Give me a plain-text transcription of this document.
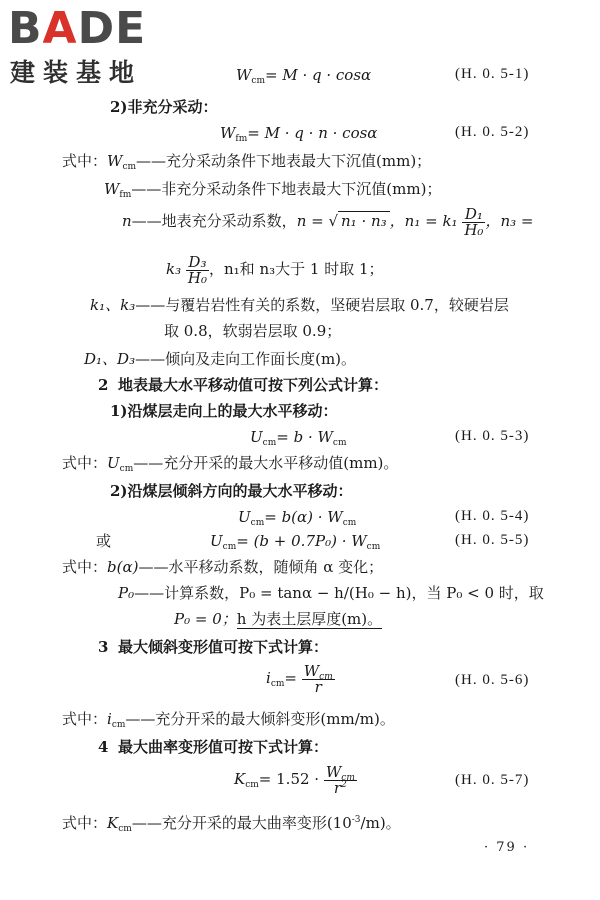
BADE
建装基地	$W_{cm}= M \cdot q \cdot \cos\alpha$	(H. 0. 5-1)
2)非充分采动：
$W_{fm}= M \cdot q \cdot n \cdot \cos\alpha$	(H. 0. 5-2)
式中：$W_{cm}——$充分采动条件下地表最大下沉值(mm)；
$W_{fm}——$非充分采动条件下地表最大下沉值(mm)；
n——地表充分采动系数，n = √ n₁ · n₃ ，$n_1 = k_1 \frac{\text{D₁}}{\text{H₀}}$ ，n₃ =
$k_3 \frac{\text{D₃}}{\text{H₀}}$ ，n₁和 n₃大于 1 时取 1；
k₁、k₃——与覆岩岩性有关的系数，坚硬岩层取 0.7，较硬岩层
取 0.8，软弱岩层取 0.9；
D₁、D₃——倾向及走向工作面长度(m)。
2 地表最大水平移动值可按下列公式计算：
1)沿煤层走向上的最大水平移动：
$U_{cm}= b \cdot W_{cm}$	(H. 0. 5-3)
式中：$U_{cm}——$充分开采的最大水平移动值(mm)。
2)沿煤层倾斜方向的最大水平移动：
$U_{cm}= b(\alpha) \cdot W_{cm}$	(H. 0. 5-4)
或	$U_{cm}= (b + 0.7P_0) \cdot W_{cm}$	(H. 0. 5-5)
式中：b(α)——水平移动系数，随倾角 α 变化；
P₀——计算系数，P₀ = tanα − h/(H₀ − h)，当 P₀ < 0 时，取
P₀ = 0；h 为表土层厚度(m)。
3 最大倾斜变形值可按下式计算：
$i_{cm}= \frac{W_{cm}}{r}$	(H. 0. 5-6)
式中：$i_{cm}——$充分开采的最大倾斜变形(mm/m)。
4 最大曲率变形值可按下式计算：
$K_{cm}= 1.52 \cdot \frac{W_{cm}}{r^2}$	(H. 0. 5-7)
式中：$K_{cm}——$充分开采的最大曲率变形$(10^{-3}/m)$。
· 79 ·
